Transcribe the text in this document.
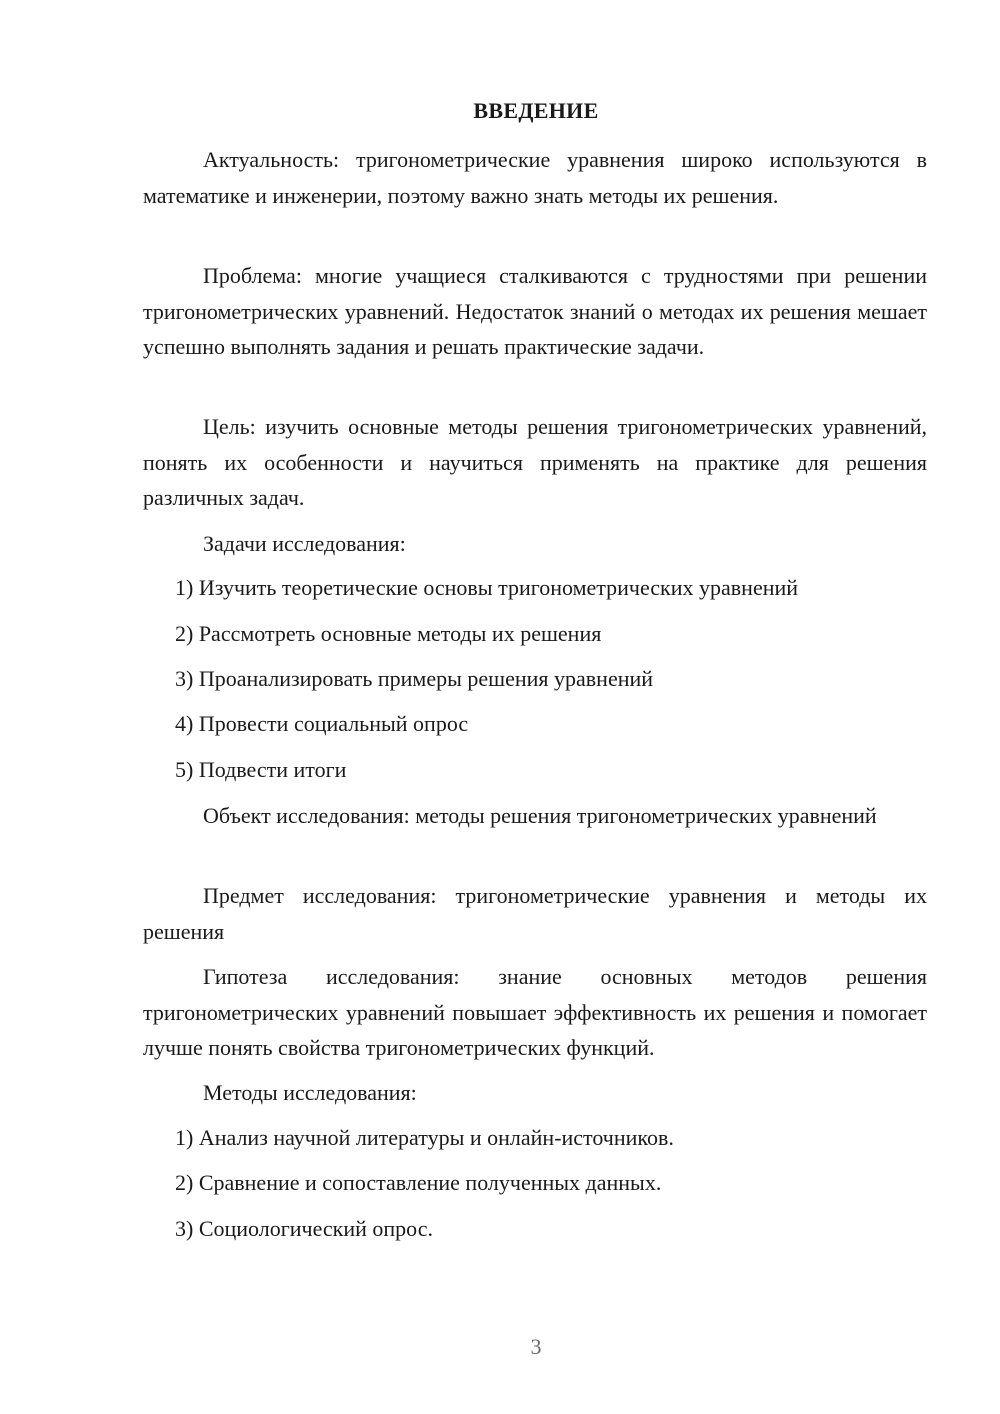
ВВЕДЕНИЕ

Актуальность: тригонометрические уравнения широко используются в математике и инженерии, поэтому важно знать методы их решения.

Проблема: многие учащиеся сталкиваются с трудностями при решении тригонометрических уравнений. Недостаток знаний о методах их решения мешает успешно выполнять задания и решать практические задачи.

Цель: изучить основные методы решения тригонометрических уравнений, понять их особенности и научиться применять на практике для решения различных задач.

Задачи исследования:
1) Изучить теоретические основы тригонометрических уравнений
2) Рассмотреть основные методы их решения
3) Проанализировать примеры решения уравнений
4) Провести социальный опрос
5) Подвести итоги

Объект исследования: методы решения тригонометрических уравнений

Предмет исследования: тригонометрические уравнения и методы их решения

Гипотеза исследования: знание основных методов решения тригонометрических уравнений повышает эффективность их решения и помогает лучше понять свойства тригонометрических функций.

Методы исследования:
1) Анализ научной литературы и онлайн-источников.
2) Сравнение и сопоставление полученных данных.
3) Социологический опрос.
3
